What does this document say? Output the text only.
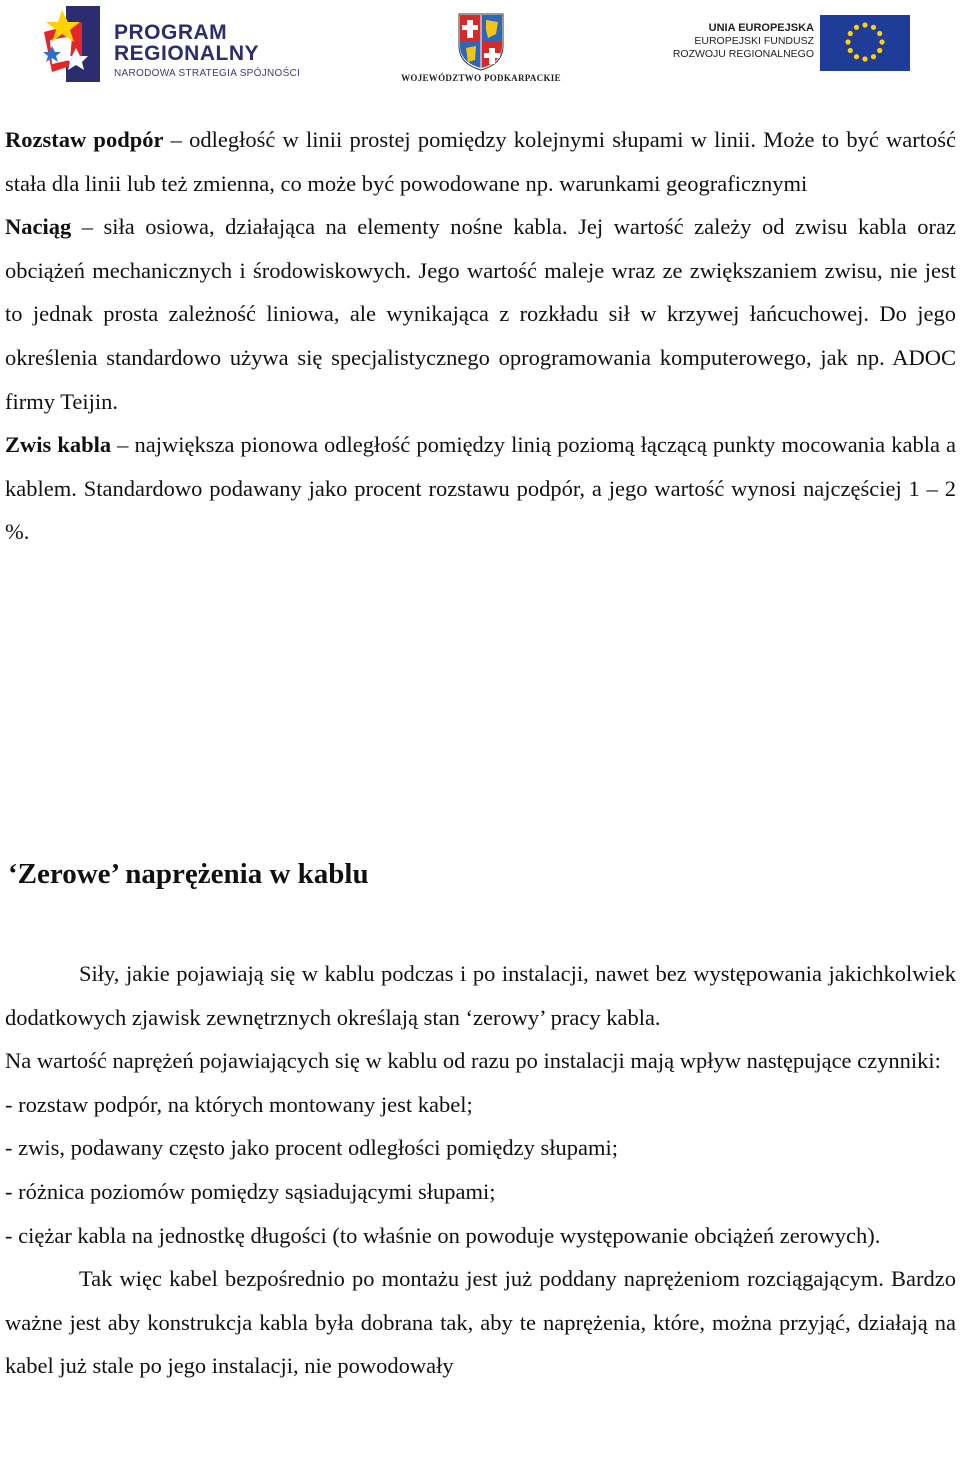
PROGRAM
REGIONALNY
NARODOWA STRATEGIA SPÓJNOŚCI	WOJEWÓDZTWO PODKARPACKIE
UNIA EUROPEJSKA
EUROPEJSKI FUNDUSZ
ROZWOJU REGIONALNEGO

Rozstaw podpór – odległość w linii prostej pomiędzy kolejnymi słupami w linii. Może to być wartość stała dla linii lub też zmienna, co może być powodowane np. warunkami geograficznymi

Naciąg – siła osiowa, działająca na elementy nośne kabla. Jej wartość zależy od zwisu kabla oraz obciążeń mechanicznych i środowiskowych. Jego wartość maleje wraz ze zwiększaniem zwisu, nie jest to jednak prosta zależność liniowa, ale wynikająca z rozkładu sił w krzywej łańcuchowej. Do jego określenia standardowo używa się specjalistycznego oprogramowania komputerowego, jak np. ADOC firmy Teijin.

Zwis kabla – największa pionowa odległość pomiędzy linią poziomą łączącą punkty mocowania kabla a kablem. Standardowo podawany jako procent rozstawu podpór, a jego wartość wynosi najczęściej 1 – 2 %.

‘Zerowe’ naprężenia w kablu

Siły, jakie pojawiają się w kablu podczas i po instalacji, nawet bez występowania jakichkolwiek dodatkowych zjawisk zewnętrznych określają stan ‘zerowy’ pracy kabla.

Na wartość naprężeń pojawiających się w kablu od razu po instalacji mają wpływ następujące czynniki:

- rozstaw podpór, na których montowany jest kabel;

- zwis, podawany często jako procent odległości pomiędzy słupami;

- różnica poziomów pomiędzy sąsiadującymi słupami;

- ciężar kabla na jednostkę długości (to właśnie on powoduje występowanie obciążeń zerowych).

Tak więc kabel bezpośrednio po montażu jest już poddany naprężeniom rozciągającym. Bardzo ważne jest aby konstrukcja kabla była dobrana tak, aby te naprężenia, które, można przyjąć, działają na kabel już stale po jego instalacji, nie powodowały
